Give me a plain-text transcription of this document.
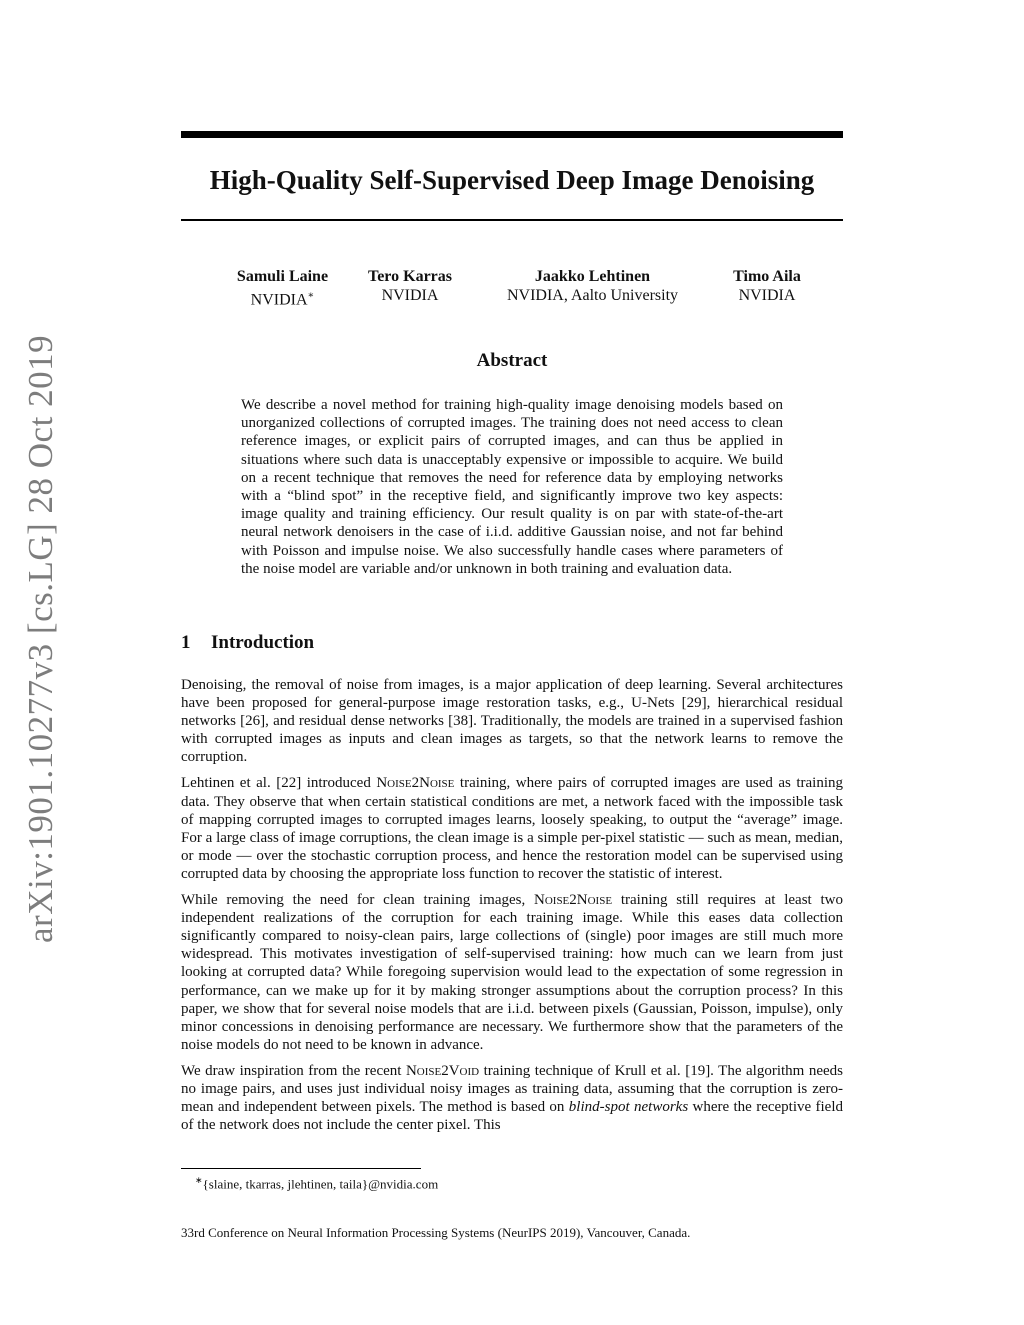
arXiv:1901.10277v3 [cs.LG] 28 Oct 2019
High-Quality Self-Supervised Deep Image Denoising
Samuli Laine
NVIDIA∗
Tero Karras
NVIDIA
Jaakko Lehtinen
NVIDIA, Aalto University
Timo Aila
NVIDIA
Abstract

We describe a novel method for training high-quality image denoising models based on unorganized collections of corrupted images. The training does not need access to clean reference images, or explicit pairs of corrupted images, and can thus be applied in situations where such data is unacceptably expensive or impossible to acquire. We build on a recent technique that removes the need for reference data by employing networks with a “blind spot” in the receptive field, and significantly improve two key aspects: image quality and training efficiency. Our result quality is on par with state-of-the-art neural network denoisers in the case of i.i.d. additive Gaussian noise, and not far behind with Poisson and impulse noise. We also successfully handle cases where parameters of the noise model are variable and/or unknown in both training and evaluation data.

1 Introduction

Denoising, the removal of noise from images, is a major application of deep learning. Several architectures have been proposed for general-purpose image restoration tasks, e.g., U-Nets [29], hierarchical residual networks [26], and residual dense networks [38]. Traditionally, the models are trained in a supervised fashion with corrupted images as inputs and clean images as targets, so that the network learns to remove the corruption.

Lehtinen et al. [22] introduced Noise2Noise training, where pairs of corrupted images are used as training data. They observe that when certain statistical conditions are met, a network faced with the impossible task of mapping corrupted images to corrupted images learns, loosely speaking, to output the “average” image. For a large class of image corruptions, the clean image is a simple per-pixel statistic — such as mean, median, or mode — over the stochastic corruption process, and hence the restoration model can be supervised using corrupted data by choosing the appropriate loss function to recover the statistic of interest.

While removing the need for clean training images, Noise2Noise training still requires at least two independent realizations of the corruption for each training image. While this eases data collection significantly compared to noisy-clean pairs, large collections of (single) poor images are still much more widespread. This motivates investigation of self-supervised training: how much can we learn from just looking at corrupted data? While foregoing supervision would lead to the expectation of some regression in performance, can we make up for it by making stronger assumptions about the corruption process? In this paper, we show that for several noise models that are i.i.d. between pixels (Gaussian, Poisson, impulse), only minor concessions in denoising performance are necessary. We furthermore show that the parameters of the noise models do not need to be known in advance.

We draw inspiration from the recent Noise2Void training technique of Krull et al. [19]. The algorithm needs no image pairs, and uses just individual noisy images as training data, assuming that the corruption is zero-mean and independent between pixels. The method is based on blind-spot networks where the receptive field of the network does not include the center pixel. This

∗{slaine, tkarras, jlehtinen, taila}@nvidia.com
33rd Conference on Neural Information Processing Systems (NeurIPS 2019), Vancouver, Canada.
